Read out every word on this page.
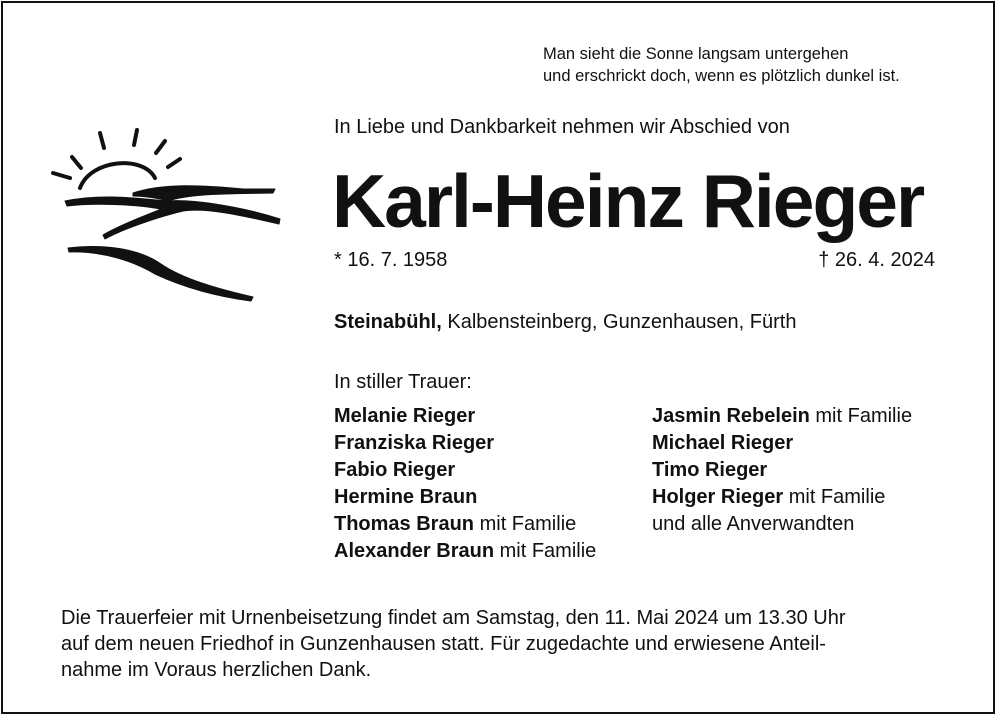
Man sieht die Sonne langsam untergehen
und erschrickt doch, wenn es plötzlich dunkel ist.
In Liebe und Dankbarkeit nehmen wir Abschied von
Karl-Heinz Rieger
* 16. 7. 1958	† 26. 4. 2024
Steinabühl, Kalbensteinberg, Gunzenhausen, Fürth
In stiller Trauer:
Melanie Rieger
Franziska Rieger
Fabio Rieger
Hermine Braun
Thomas Braun mit Familie
Alexander Braun mit Familie
Jasmin Rebelein mit Familie
Michael Rieger
Timo Rieger
Holger Rieger mit Familie
und alle Anverwandten
Die Trauerfeier mit Urnenbeisetzung findet am Samstag, den 11. Mai 2024 um 13.30 Uhr
auf dem neuen Friedhof in Gunzenhausen statt. Für zugedachte und erwiesene Anteil-
nahme im Voraus herzlichen Dank.
